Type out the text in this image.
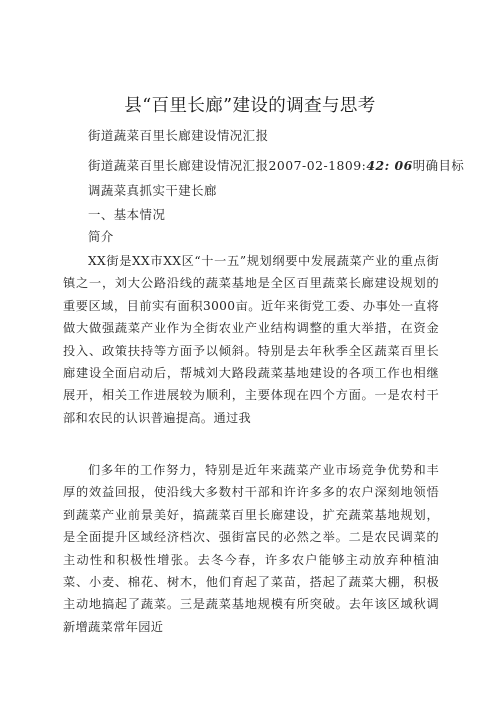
县“百里长廊”建设的调查与思考

街道蔬菜百里长廊建设情况汇报

街道蔬菜百里长廊建设情况汇报2007-02-1809:42: 06明确目标

调蔬菜真抓实干建长廊

一、基本情况

简介

XX街是XX市XX区“十一五”规划纲要中发展蔬菜产业的重点街镇之一，刘大公路沿线的蔬菜基地是全区百里蔬菜长廊建设规划的重要区域，目前实有面积3000亩。近年来街党工委、办事处一直将做大做强蔬菜产业作为全街农业产业结构调整的重大举措，在资金投入、政策扶持等方面予以倾斜。特别是去年秋季全区蔬菜百里长廊建设全面启动后，帮城刘大路段蔬菜基地建设的各项工作也相继展开，相关工作进展较为顺利，主要体现在四个方面。一是农村干部和农民的认识普遍提高。通过我

们多年的工作努力，特别是近年来蔬菜产业市场竞争优势和丰厚的效益回报，使沿线大多数村干部和许许多多的农户深刻地领悟到蔬菜产业前景美好，搞蔬菜百里长廊建设，扩充蔬菜基地规划，是全面提升区域经济档次、强街富民的必然之举。二是农民调菜的主动性和积极性增张。去冬今春，许多农户能够主动放弃种植油菜、小麦、棉花、树木，他们育起了菜苗，搭起了蔬菜大棚，积极主动地搞起了蔬菜。三是蔬菜基地规模有所突破。去年该区域秋调新增蔬菜常年园近
